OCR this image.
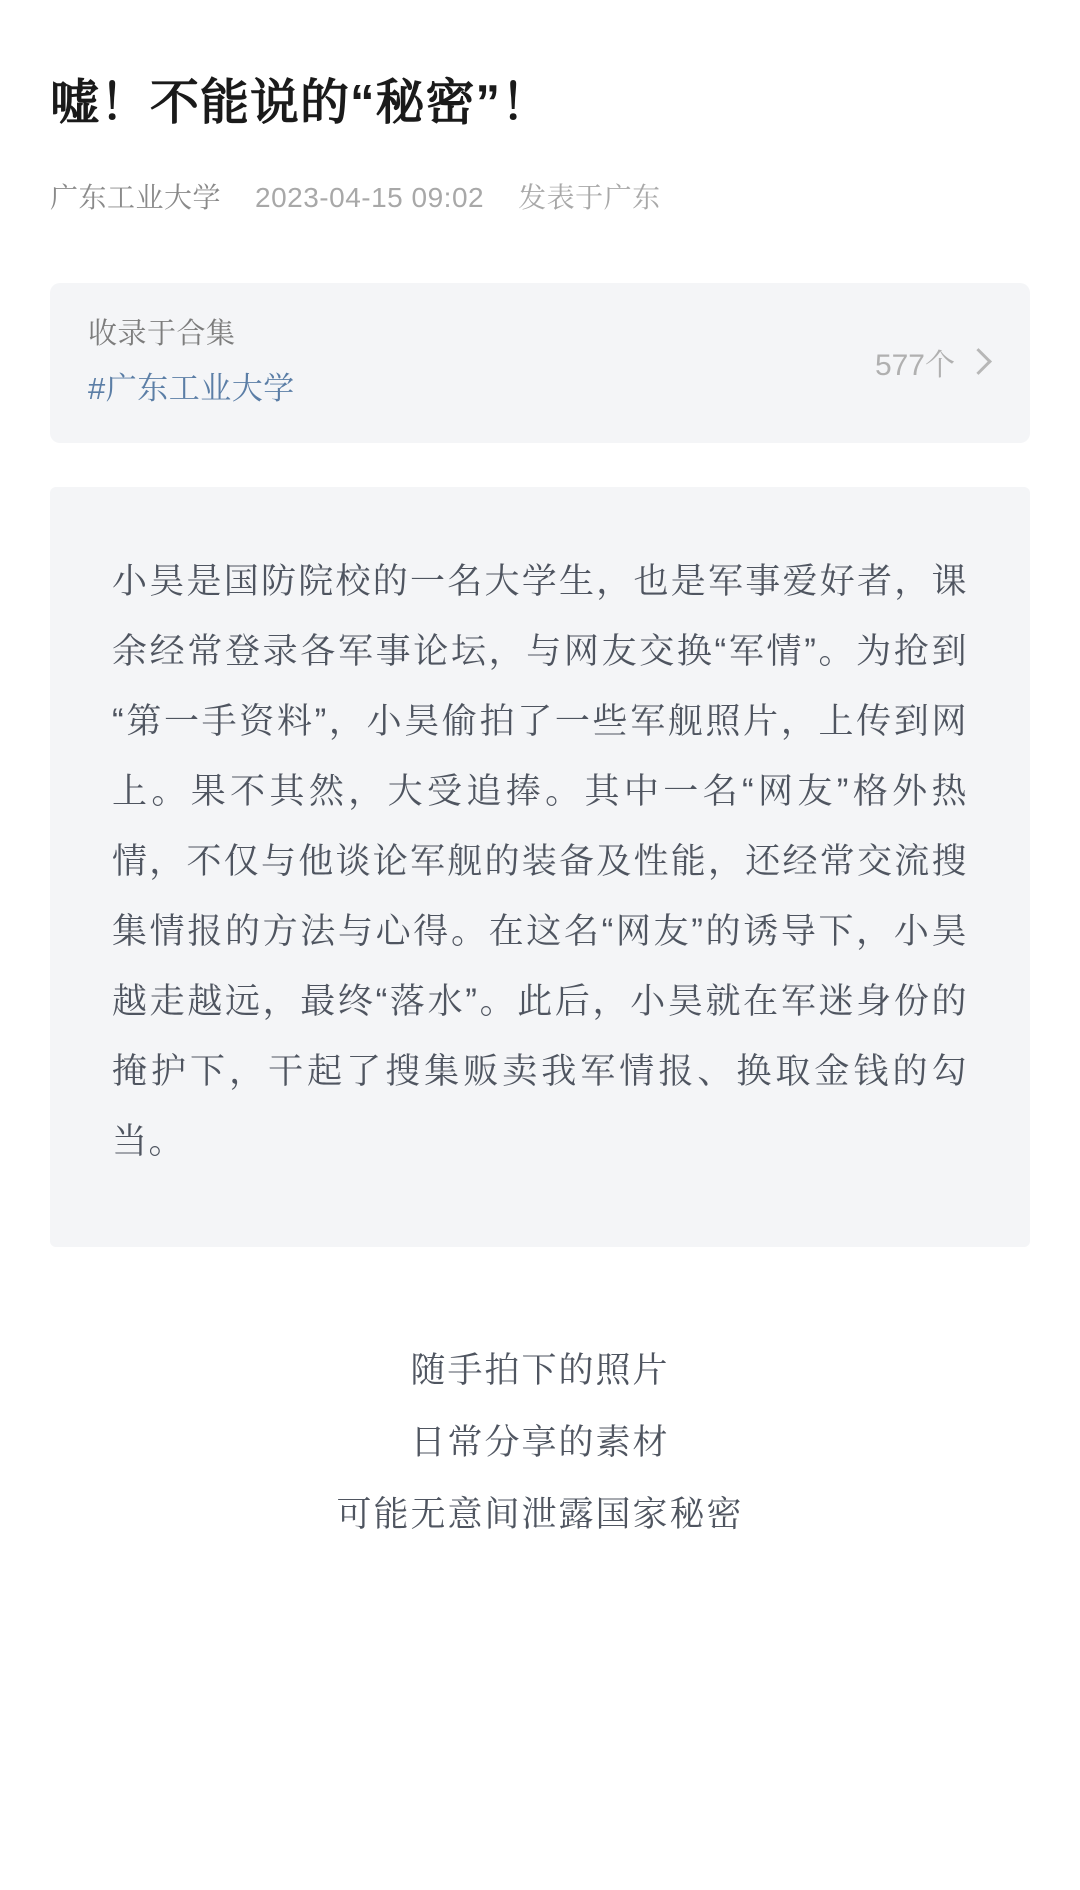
嘘！不能说的“秘密”！
广东工业大学 2023-04-15 09:02 发表于广东
收录于合集
#广东工业大学
577个

小昊是国防院校的一名大学生，也是军事爱好者，课余经常登录各军事论坛，与网友交换“军情”。为抢到“第一手资料”，小昊偷拍了一些军舰照片，上传到网上。果不其然，大受追捧。其中一名“网友”格外热情，不仅与他谈论军舰的装备及性能，还经常交流搜集情报的方法与心得。在这名“网友”的诱导下，小昊越走越远，最终“落水”。此后，小昊就在军迷身份的掩护下，干起了搜集贩卖我军情报、换取金钱的勾当。

随手拍下的照片
日常分享的素材
可能无意间泄露国家秘密
